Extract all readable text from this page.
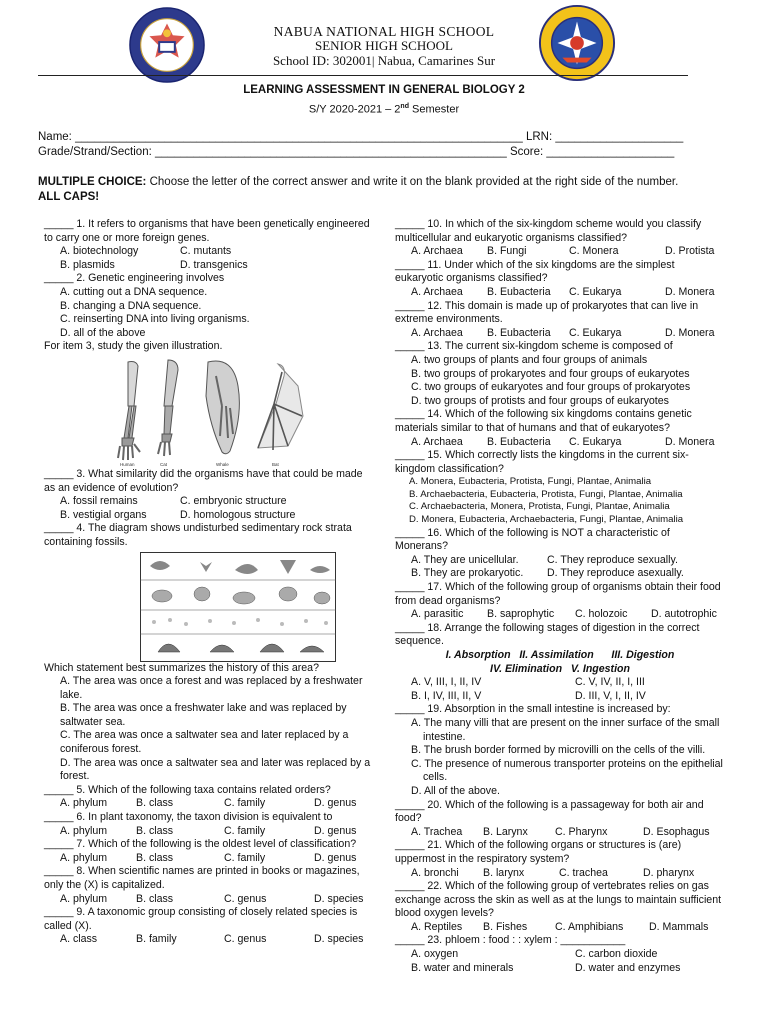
NABUA NATIONAL HIGH SCHOOL
SENIOR HIGH SCHOOL
School ID: 302001| Nabua, Camarines Sur
LEARNING ASSESSMENT IN GENERAL BIOLOGY 2
S/Y 2020-2021 – 2nd Semester
Name: ______________________________________________________________________ LRN: ____________________
Grade/Strand/Section: _______________________________________________________ Score: ____________________
MULTIPLE CHOICE: Choose the letter of the correct answer and write it on the blank provided at the right side of the number.
ALL CAPS!
_____ 1. It refers to organisms that have been genetically engineered to carry one or more foreign genes.
A. biotechnology	C. mutants
B. plasmids	D. transgenics
_____ 2. Genetic engineering involves
A. cutting out a DNA sequence.
B. changing a DNA sequence.
C. reinserting DNA into living organisms.
D. all of the above
For item 3, study the given illustration.
Human	Cat	Whale	Bat
_____ 3. What similarity did the organisms have that could be made as an evidence of evolution?
A. fossil remains	C. embryonic structure
B. vestigial organs	D. homologous structure
_____ 4. The diagram shows undisturbed sedimentary rock strata containing fossils.
Which statement best summarizes the history of this area?
A. The area was once a forest and was replaced by a freshwater lake.
B. The area was once a freshwater lake and was replaced by saltwater sea.
C. The area was once a saltwater sea and later replaced by a coniferous forest.
D. The area was once a saltwater sea and later was replaced by a forest.
_____ 5. Which of the following taxa contains related orders?
A. phylum	B. class	C. family	D. genus
_____ 6. In plant taxonomy, the taxon division is equivalent to
A. phylum	B. class	C. family	D. genus
_____ 7. Which of the following is the oldest level of classification?
A. phylum	B. class	C. family	D. genus
_____ 8. When scientific names are printed in books or magazines, only the (X) is capitalized.
A. phylum	B. class	C. genus	D. species
_____ 9. A taxonomic group consisting of closely related species is called (X).
A. class	B. family	C. genus	D. species
_____ 10. In which of the six-kingdom scheme would you classify multicellular and eukaryotic organisms classified?
A. Archaea	B. Fungi	C. Monera	D. Protista
_____ 11. Under which of the six kingdoms are the simplest eukaryotic organisms classified?
A. Archaea	B. Eubacteria	C. Eukarya	D. Monera
_____ 12. This domain is made up of prokaryotes that can live in extreme environments.
A. Archaea	B. Eubacteria	C. Eukarya	D. Monera
_____ 13. The current six-kingdom scheme is composed of
A. two groups of plants and four groups of animals
B. two groups of prokaryotes and four groups of eukaryotes
C. two groups of eukaryotes and four groups of prokaryotes
D. two groups of protists and four groups of eukaryotes
_____ 14. Which of the following six kingdoms contains genetic materials similar to that of humans and that of eukaryotes?
A. Archaea	B. Eubacteria	C. Eukarya	D. Monera
_____ 15. Which correctly lists the kingdoms in the current six-kingdom classification?
A. Monera, Eubacteria, Protista, Fungi, Plantae, Animalia
B. Archaebacteria, Eubacteria, Protista, Fungi, Plantae, Animalia
C. Archaebacteria, Monera, Protista, Fungi, Plantae, Animalia
D. Monera, Eubacteria, Archaebacteria, Fungi, Plantae, Animalia
_____ 16. Which of the following is NOT a characteristic of Monerans?
A. They are unicellular.	C. They reproduce sexually.
B. They are prokaryotic.	D. They reproduce asexually.
_____ 17. Which of the following group of organisms obtain their food from dead organisms?
A. parasitic	B. saprophytic	C. holozoic	D. autotrophic
_____ 18. Arrange the following stages of digestion in the correct sequence.
I. Absorption   II. Assimilation      III. Digestion
IV. Elimination   V. Ingestion
A. V, III, I, II, IV	C. V, IV, II, I, III
B. I, IV, III, II, V	D. III, V, I, II, IV
_____ 19. Absorption in the small intestine is increased by:
A. The many villi that are present on the inner surface of the small intestine.
B. The brush border formed by microvilli on the cells of the villi.
C. The presence of numerous transporter proteins on the epithelial cells.
D. All of the above.
_____ 20. Which of the following is a passageway for both air and food?
A. Trachea	B. Larynx	C. Pharynx	D. Esophagus
_____ 21. Which of the following organs or structures is (are) uppermost in the respiratory system?
A. bronchi	B. larynx	C. trachea	D. pharynx
_____ 22. Which of the following group of vertebrates relies on gas exchange across the skin as well as at the lungs to maintain sufficient blood oxygen levels?
A. Reptiles	B. Fishes	C. Amphibians	D. Mammals
_____ 23. phloem : food : : xylem : ___________
A. oxygen	C. carbon dioxide
B. water and minerals	D. water and enzymes
